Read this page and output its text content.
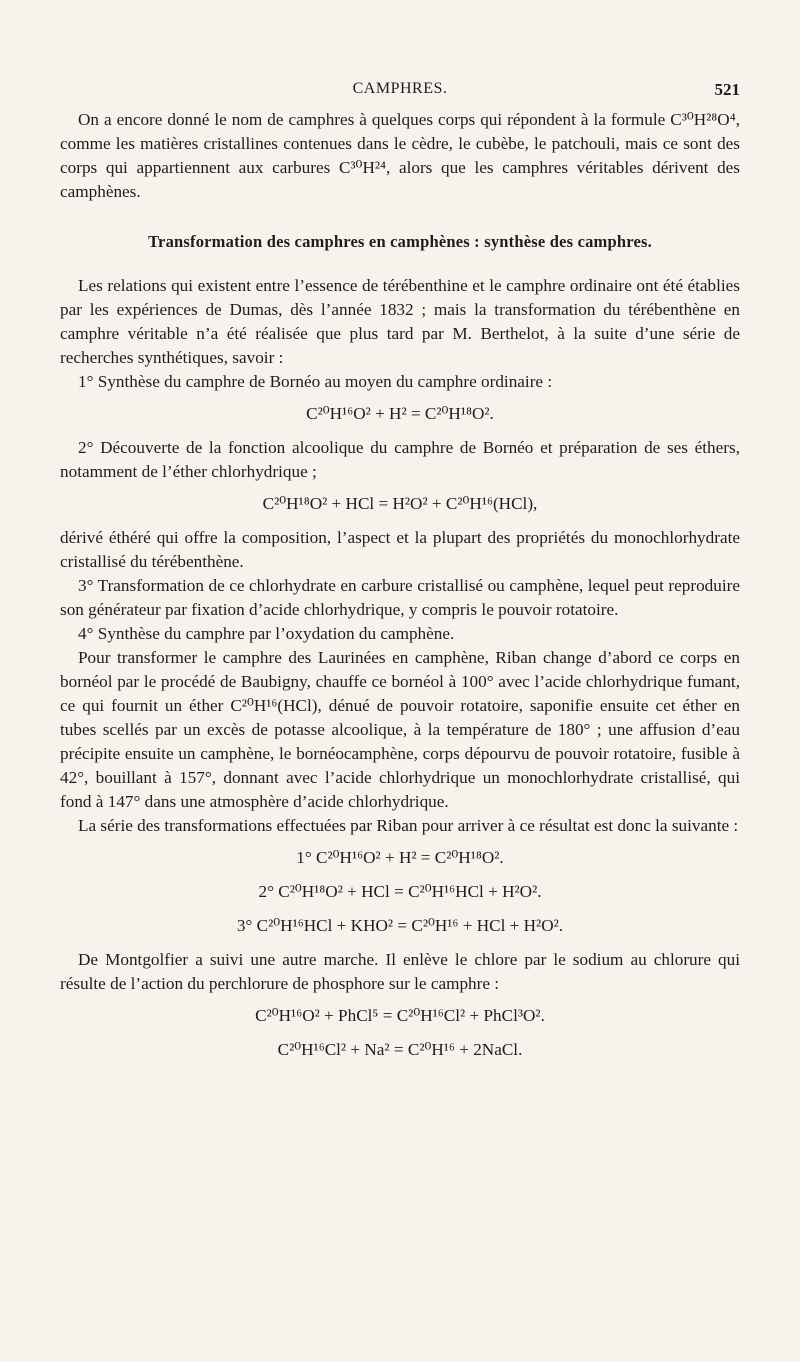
CAMPHRES.	521

On a encore donné le nom de camphres à quelques corps qui répondent à la formule C³⁰H²⁸O⁴, comme les matières cristallines contenues dans le cèdre, le cubèbe, le patchouli, mais ce sont des corps qui appartiennent aux carbures C³⁰H²⁴, alors que les camphres véritables dérivent des camphènes.

Transformation des camphres en camphènes : synthèse des camphres.

Les relations qui existent entre l’essence de térébenthine et le camphre ordinaire ont été établies par les expériences de Dumas, dès l’année 1832 ; mais la transformation du térébenthène en camphre véritable n’a été réalisée que plus tard par M. Berthelot, à la suite d’une série de recherches synthétiques, savoir :

1° Synthèse du camphre de Bornéo au moyen du camphre ordinaire :

C²⁰H¹⁶O² + H² = C²⁰H¹⁸O².

2° Découverte de la fonction alcoolique du camphre de Bornéo et préparation de ses éthers, notamment de l’éther chlorhydrique ;

C²⁰H¹⁸O² + HCl = H²O² + C²⁰H¹⁶(HCl),

dérivé éthéré qui offre la composition, l’aspect et la plupart des propriétés du monochlorhydrate cristallisé du térébenthène.

3° Transformation de ce chlorhydrate en carbure cristallisé ou camphène, lequel peut reproduire son générateur par fixation d’acide chlorhydrique, y compris le pouvoir rotatoire.

4° Synthèse du camphre par l’oxydation du camphène.

Pour transformer le camphre des Laurinées en camphène, Riban change d’abord ce corps en bornéol par le procédé de Baubigny, chauffe ce bornéol à 100° avec l’acide chlorhydrique fumant, ce qui fournit un éther C²⁰H¹⁶(HCl), dénué de pouvoir rotatoire, saponifie ensuite cet éther en tubes scellés par un excès de potasse alcoolique, à la température de 180° ; une affusion d’eau précipite ensuite un camphène, le bornéocamphène, corps dépourvu de pouvoir rotatoire, fusible à 42°, bouillant à 157°, donnant avec l’acide chlorhydrique un monochlorhydrate cristallisé, qui fond à 147° dans une atmosphère d’acide chlorhydrique.

La série des transformations effectuées par Riban pour arriver à ce résultat est donc la suivante :

1° C²⁰H¹⁶O² + H² = C²⁰H¹⁸O².
2° C²⁰H¹⁸O² + HCl = C²⁰H¹⁶HCl + H²O².
3° C²⁰H¹⁶HCl + KHO² = C²⁰H¹⁶ + HCl + H²O².

De Montgolfier a suivi une autre marche. Il enlève le chlore par le sodium au chlorure qui résulte de l’action du perchlorure de phosphore sur le camphre :

C²⁰H¹⁶O² + PhCl⁵ = C²⁰H¹⁶Cl² + PhCl³O².
C²⁰H¹⁶Cl² + Na² = C²⁰H¹⁶ + 2NaCl.
